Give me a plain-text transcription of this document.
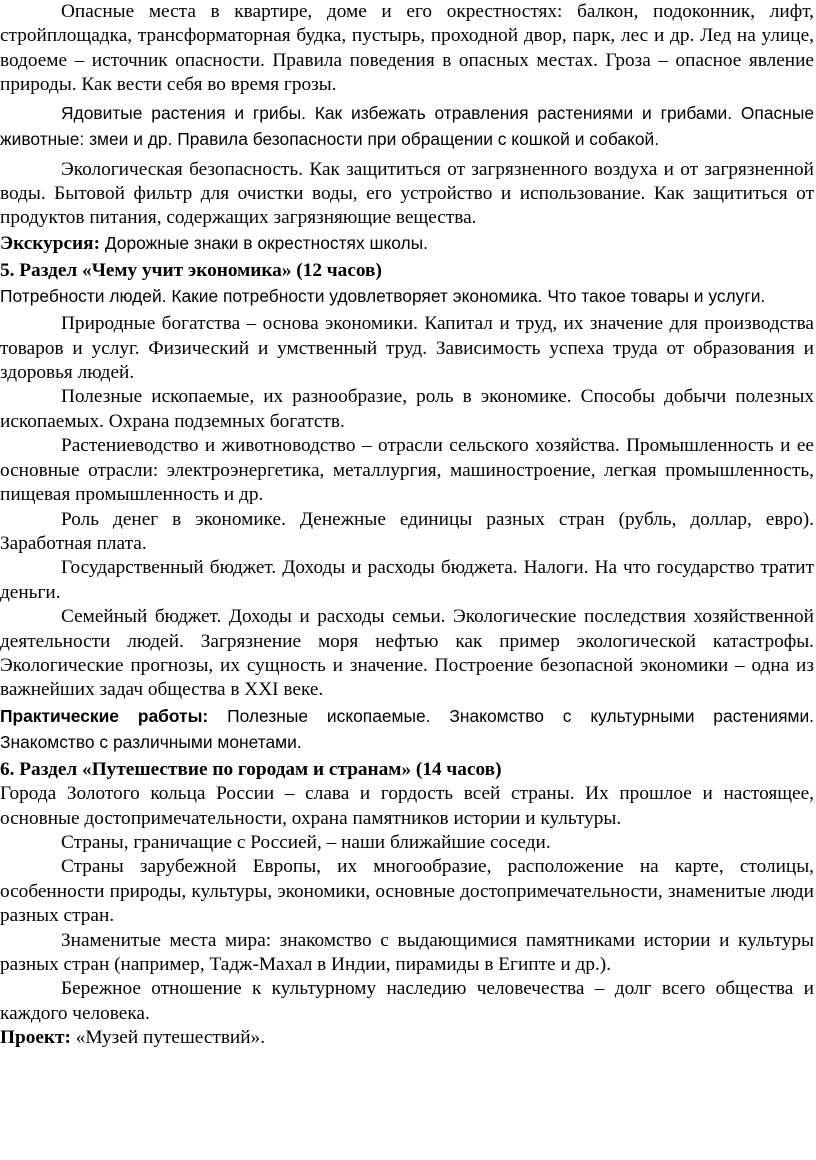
Опасные места в квартире, доме и его окрестностях: балкон, подоконник, лифт, стройплощадка, трансформаторная будка, пустырь, проходной двор, парк, лес и др. Лед на улице, водоеме – источник опасности. Правила поведения в опасных местах. Гроза – опасное явление природы. Как вести себя во время грозы.

Ядовитые растения и грибы. Как избежать отравления растениями и грибами. Опасные животные: змеи и др. Правила безопасности при обращении с кошкой и собакой.

Экологическая безопасность. Как защититься от загрязненного воздуха и от загрязненной воды. Бытовой фильтр для очистки воды, его устройство и использование. Как защититься от продуктов питания, содержащих загрязняющие вещества.

Экскурсия: Дорожные знаки в окрестностях школы.

5. Раздел «Чему учит экономика» (12 часов)

Потребности людей. Какие потребности удовлетворяет экономика. Что такое товары и услуги.

Природные богатства – основа экономики. Капитал и труд, их значение для производства товаров и услуг. Физический и умственный труд. Зависимость успеха труда от образования и здоровья людей.

Полезные ископаемые, их разнообразие, роль в экономике. Способы добычи полезных ископаемых. Охрана подземных богатств.

Растениеводство и животноводство – отрасли сельского хозяйства. Промышленность и ее основные отрасли: электроэнергетика, металлургия, машиностроение, легкая промышленность, пищевая промышленность и др.

Роль денег в экономике. Денежные единицы разных стран (рубль, доллар, евро). Заработная плата.

Государственный бюджет. Доходы и расходы бюджета. Налоги. На что государство тратит деньги.

Семейный бюджет. Доходы и расходы семьи. Экологические последствия хозяйственной деятельности людей. Загрязнение моря нефтью как пример экологической катастрофы. Экологические прогнозы, их сущность и значение. Построение безопасной экономики – одна из важнейших задач общества в XXI веке.

Практические работы: Полезные ископаемые. Знакомство с культурными растениями. Знакомство с различными монетами.

6. Раздел «Путешествие по городам и странам» (14 часов)

Города Золотого кольца России – слава и гордость всей страны. Их прошлое и настоящее, основные достопримечательности, охрана памятников истории и культуры.

Страны, граничащие с Россией, – наши ближайшие соседи.

Страны зарубежной Европы, их многообразие, расположение на карте, столицы, особенности природы, культуры, экономики, основные достопримечательности, знаменитые люди разных стран.

Знаменитые места мира: знакомство с выдающимися памятниками истории и культуры разных стран (например, Тадж-Махал в Индии, пирамиды в Египте и др.).

Бережное отношение к культурному наследию человечества – долг всего общества и каждого человека.

Проект: «Музей путешествий».
